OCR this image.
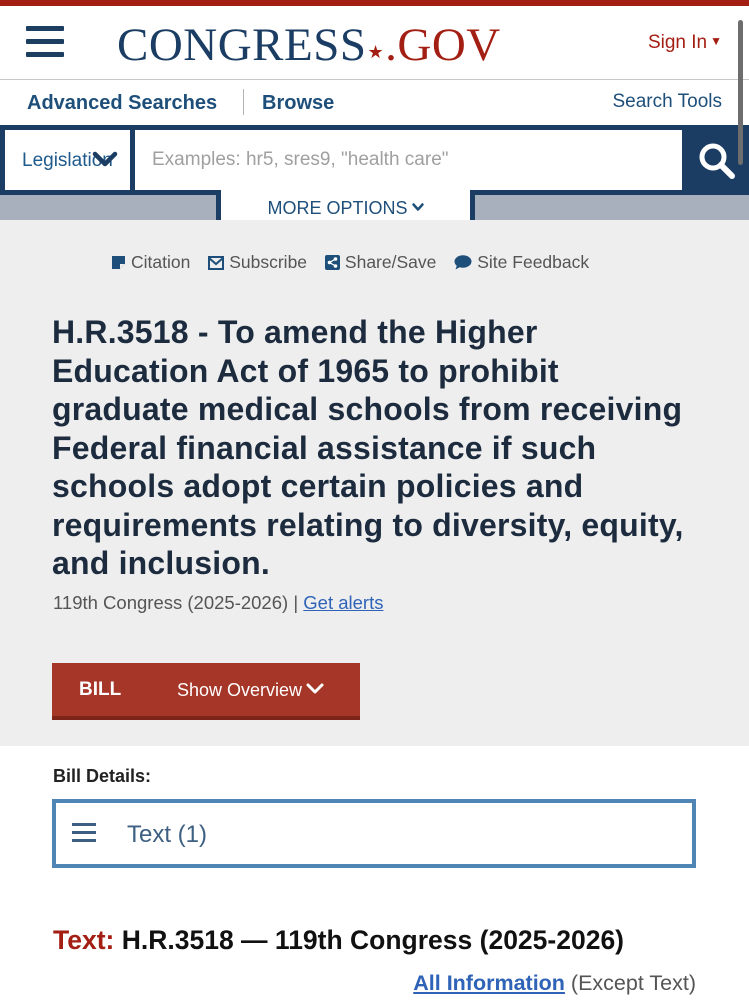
CONGRESS★.GOV	Sign In ▼
Advanced Searches Browse	Search Tools
Legislation
Examples: hr5, sres9, "health care"
MORE OPTIONS
Citation Subscribe Share/Save Site Feedback
H.R.3518 - To amend the Higher Education Act of 1965 to prohibit graduate medical schools from receiving Federal financial assistance if such schools adopt certain policies and requirements relating to diversity, equity, and inclusion.
119th Congress (2025-2026) | Get alerts
BILL	Show Overview
Bill Details:
Text (1)
Text: H.R.3518 — 119th Congress (2025-2026)
All Information (Except Text)
